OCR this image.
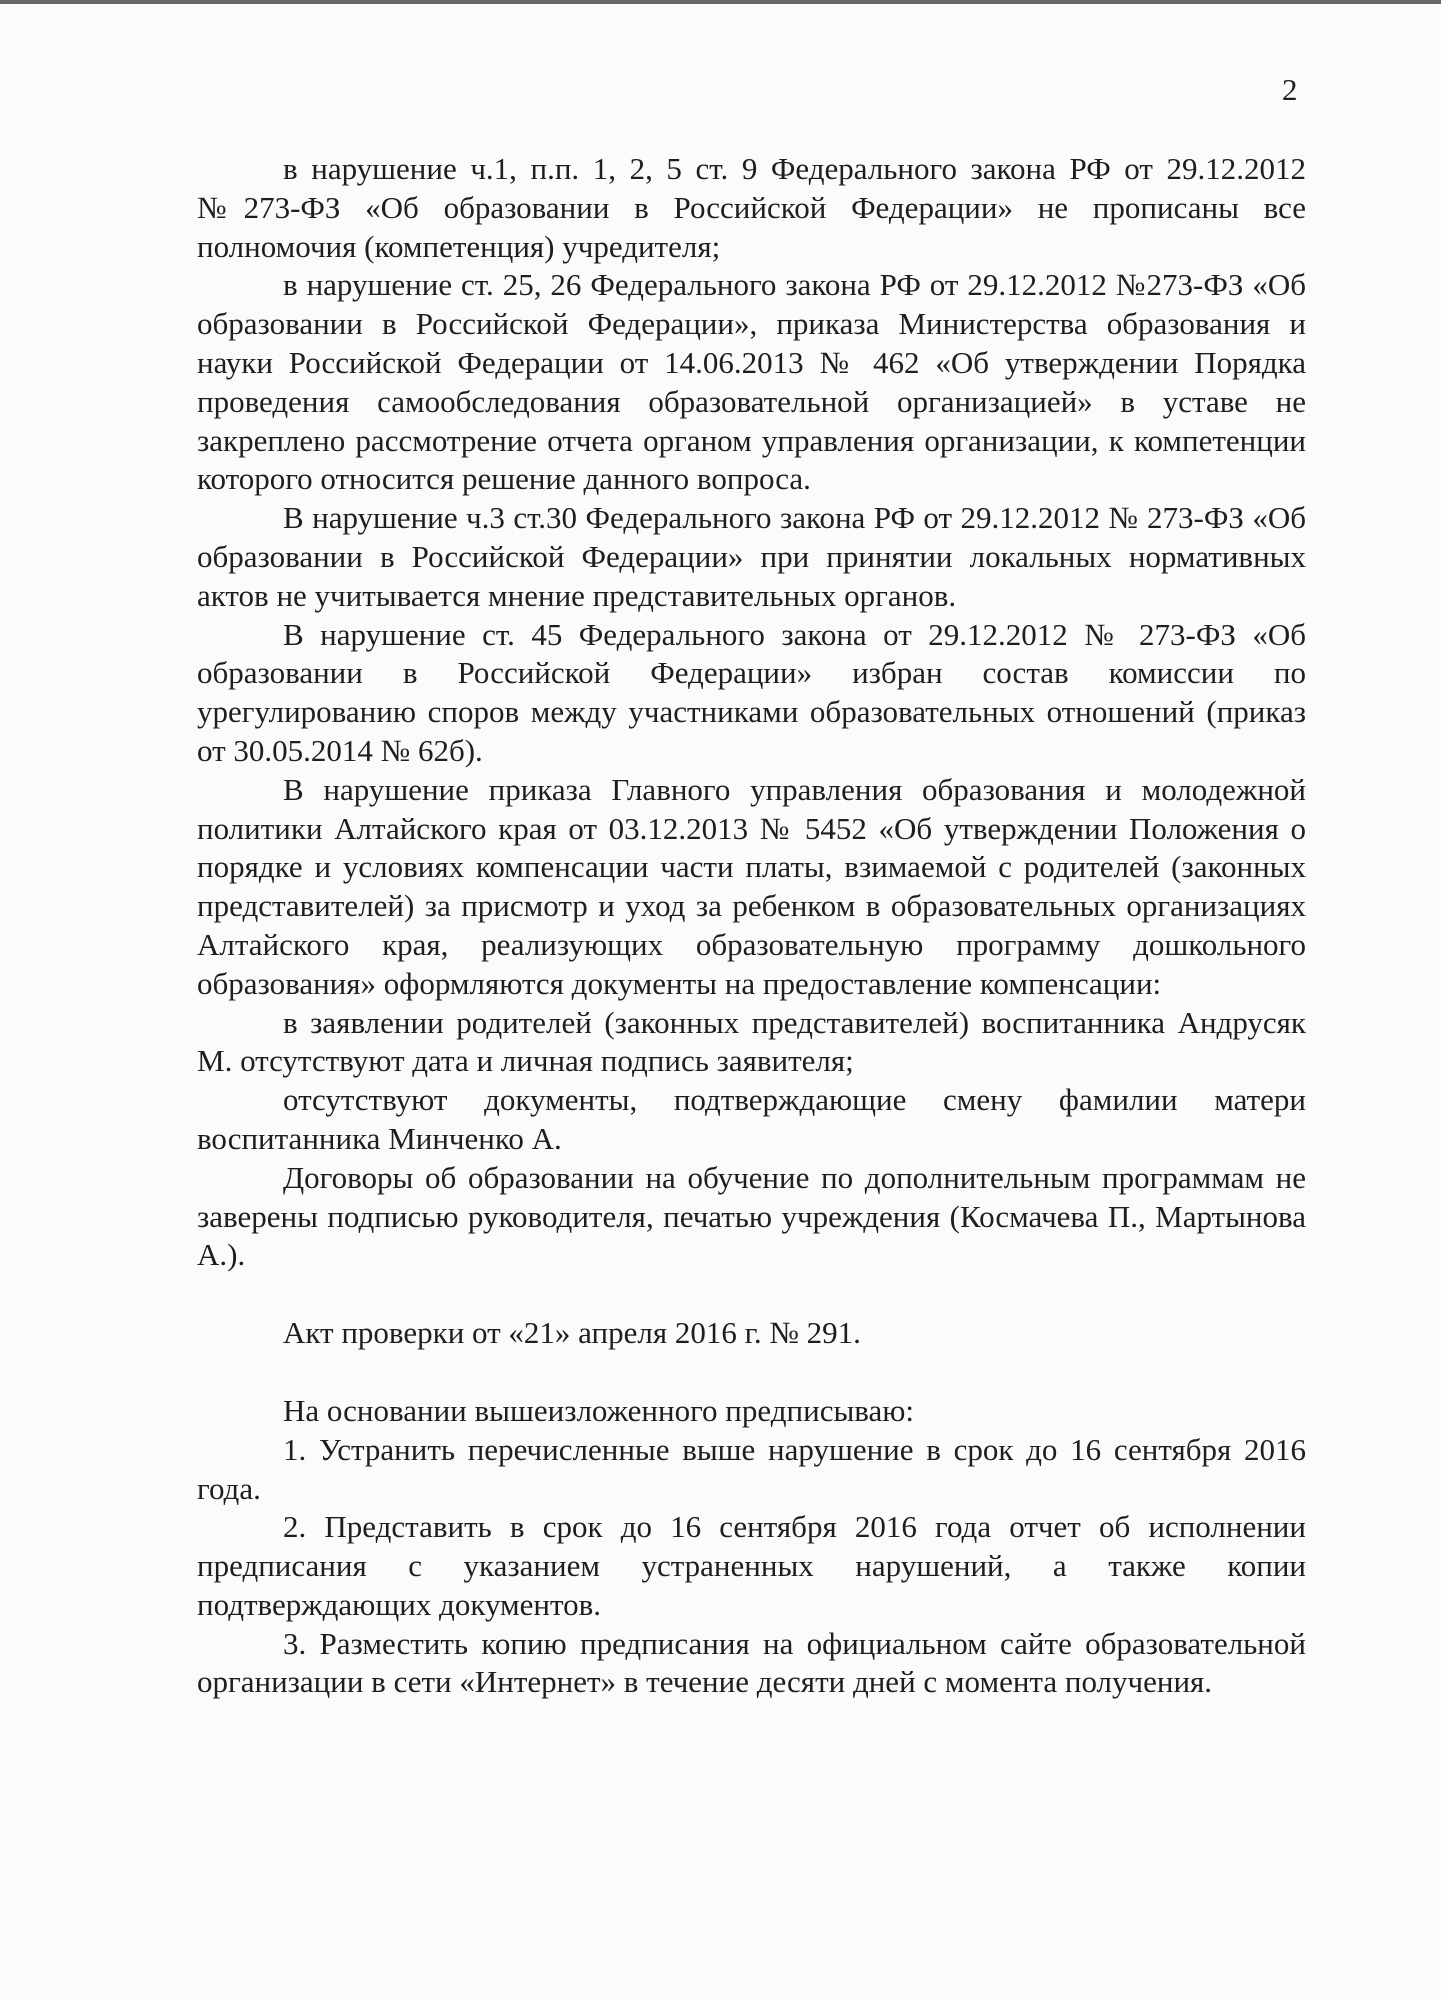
2

в нарушение ч.1, п.п. 1, 2, 5 ст. 9 Федерального закона РФ от 29.12.2012 №273-ФЗ «Об образовании в Российской Федерации» не прописаны все полномочия (компетенция) учредителя;

в нарушение ст. 25, 26 Федерального закона РФ от 29.12.2012 №273-ФЗ «Об образовании в Российской Федерации», приказа Министерства образования и науки Российской Федерации от 14.06.2013 № 462 «Об утверждении Порядка проведения самообследования образовательной организацией» в уставе не закреплено рассмотрение отчета органом управления организации, к компетенции которого относится решение данного вопроса.

В нарушение ч.3 ст.30 Федерального закона РФ от 29.12.2012 № 273-ФЗ «Об образовании в Российской Федерации» при принятии локальных нормативных актов не учитывается мнение представительных органов.

В нарушение ст. 45 Федерального закона от 29.12.2012 № 273-ФЗ «Об образовании в Российской Федерации» избран состав комиссии по урегулированию споров между участниками образовательных отношений (приказ от 30.05.2014 № 62б).

В нарушение приказа Главного управления образования и молодежной политики Алтайского края от 03.12.2013 № 5452 «Об утверждении Положения о порядке и условиях компенсации части платы, взимаемой с родителей (законных представителей) за присмотр и уход за ребенком в образовательных организациях Алтайского края, реализующих образовательную программу дошкольного образования» оформляются документы на предоставление компенсации:

в заявлении родителей (законных представителей) воспитанника Андрусяк М. отсутствуют дата и личная подпись заявителя;

отсутствуют документы, подтверждающие смену фамилии матери воспитанника Минченко А.

Договоры об образовании на обучение по дополнительным программам не заверены подписью руководителя, печатью учреждения (Космачева П., Мартынова А.).

Акт проверки от «21» апреля 2016 г. № 291.

На основании вышеизложенного предписываю:

1. Устранить перечисленные выше нарушение в срок до 16 сентября 2016 года.

2. Представить в срок до 16 сентября 2016 года отчет об исполнении предписания с указанием устраненных нарушений, а также копии подтверждающих документов.

3. Разместить копию предписания на официальном сайте образовательной организации в сети «Интернет» в течение десяти дней с момента получения.
